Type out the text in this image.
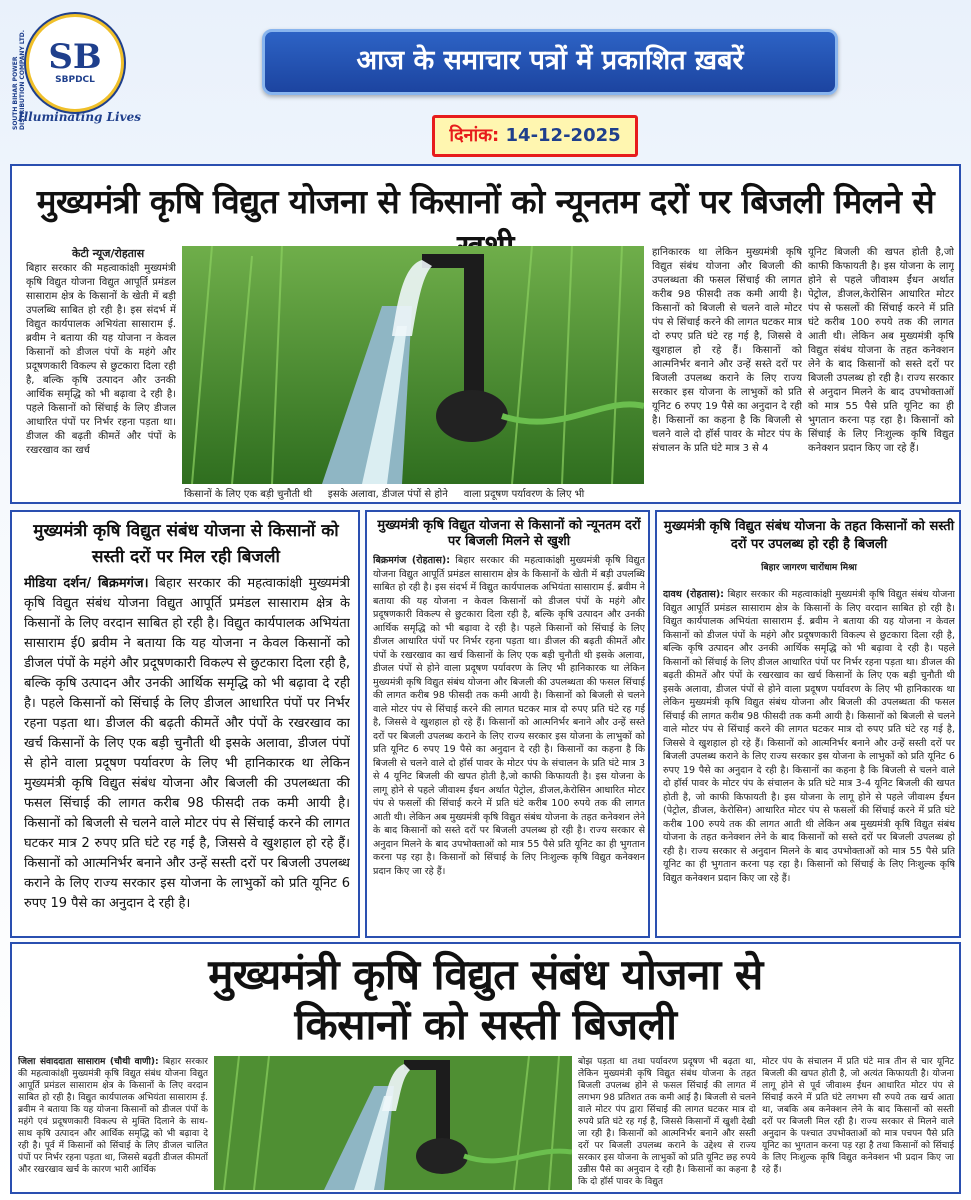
SB
SBPDCL
SOUTH BIHAR POWER DISTRIBUTION COMPANY LTD.
Illuminating Lives
आज के समाचार पत्रों में प्रकाशित ख़बरें
दिनांक: 14-12-2025
मुख्यमंत्री कृषि विद्युत योजना से किसानों को न्यूनतम दरों पर बिजली मिलने से
केटी न्यूज/रोहतास
बिहार सरकार की महत्वाकांक्षी मुख्यमंत्री कृषि विद्युत योजना विद्युत आपूर्ति प्रमंडल सासाराम क्षेत्र के किसानों के खेती में बड़ी उपलब्धि साबित हो रही है। इस संदर्भ में विद्युत कार्यपालक अभियंता सासाराम ई. ब्रवीम ने बताया की यह योजना न केवल किसानों को डीजल पंपों के महंगे और प्रदूषणकारी विकल्प से छुटकारा दिला रही है, बल्कि कृषि उत्पादन और उनकी आर्थिक समृद्धि को भी बढ़ावा दे रही है। पहले किसानों को सिंचाई के लिए डीजल आधारित पंपों पर निर्भर रहना पड़ता था। डीजल की बढ़ती कीमतें और पंपों के रखरखाव का खर्च
किसानों के लिए एक बड़ी चुनौती थी     इसके अलावा, डीजल पंपों से होने     वाला प्रदूषण पर्यावरण के लिए भी
हानिकारक था लेकिन मुख्यमंत्री कृषि विद्युत संबंध योजना और बिजली की उपलब्धता की फसल सिंचाई की लागत करीब 98 फीसदी तक कमी आयी है। किसानों को बिजली से चलने वाले मोटर पंप से सिंचाई करने की लागत घटकर मात्र दो रुपए प्रति घंटे रह गई है, जिससे वे खुशहाल हो रहे हैं। किसानों को आत्मनिर्भर बनाने और उन्हें सस्ते दरों पर बिजली उपलब्ध कराने के लिए राज्य सरकार इस योजना के लाभुकों को प्रति यूनिट 6 रुपए 19 पैसे का अनुदान दे रही है। किसानों का कहना है कि बिजली से चलने वाले दो हॉर्स पावर के मोटर पंप के संचालन के प्रति घंटे मात्र 3 से 4
यूनिट बिजली की खपत होती है,जो काफी किफायती है। इस योजना के लागू होने से पहले जीवाश्म ईंधन अर्थात पेट्रोल, डीजल,केरोसिन आधारित मोटर पंप से फसलों की सिंचाई करने में प्रति घंटे करीब 100 रुपये तक की लागत आती थी। लेकिन अब मुख्यमंत्री कृषि विद्युत संबंध योजना के तहत कनेक्शन लेने के बाद किसानों को सस्ते दरों पर बिजली उपलब्ध हो रही है। राज्य सरकार से अनुदान मिलने के बाद उपभोक्ताओं को मात्र 55 पैसे प्रति यूनिट का ही भुगतान करना पड़ रहा है। किसानों को सिंचाई के लिए निःशुल्क कृषि विद्युत कनेक्शन प्रदान किए जा रहे हैं।
मुख्यमंत्री कृषि विद्युत संबंध योजना से किसानों को सस्ती दरों पर मिल रही बिजली
मीडिया दर्शन/ बिक्रमगंज। बिहार सरकार की महत्वाकांक्षी मुख्यमंत्री कृषि विद्युत संबंध योजना विद्युत आपूर्ति प्रमंडल सासाराम क्षेत्र के किसानों के लिए वरदान साबित हो रही है। विद्युत कार्यपालक अभियंता सासाराम ई0 ब्रवीम ने बताया कि यह योजना न केवल किसानों को डीजल पंपों के महंगे और प्रदूषणकारी विकल्प से छुटकारा दिला रही है, बल्कि कृषि उत्पादन और उनकी आर्थिक समृद्धि को भी बढ़ावा दे रही है। पहले किसानों को सिंचाई के लिए डीजल आधारित पंपों पर निर्भर रहना पड़ता था। डीजल की बढ़ती कीमतें और पंपों के रखरखाव का खर्च किसानों के लिए एक बड़ी चुनौती थी इसके अलावा, डीजल पंपों से होने वाला प्रदूषण पर्यावरण के लिए भी हानिकारक था लेकिन मुख्यमंत्री कृषि विद्युत संबंध योजना और बिजली की उपलब्धता की फसल सिंचाई की लागत करीब 98 फीसदी तक कमी आयी है। किसानों को बिजली से चलने वाले मोटर पंप से सिंचाई करने की लागत घटकर मात्र 2 रुपए प्रति घंटे रह गई है, जिससे वे खुशहाल हो रहे हैं। किसानों को आत्मनिर्भर बनाने और उन्हें सस्ती दरों पर बिजली उपलब्ध कराने के लिए राज्य सरकार इस योजना के लाभुकों को प्रति यूनिट 6 रुपए 19 पैसे का अनुदान दे रही है।
मुख्यमंत्री कृषि विद्युत योजना से किसानों को न्यूनतम दरों पर बिजली मिलने से खुशी
बिक्रमगंज (रोहतास): बिहार सरकार की महत्वाकांक्षी मुख्यमंत्री कृषि विद्युत योजना विद्युत आपूर्ति प्रमंडल सासाराम क्षेत्र के किसानों के खेती में बड़ी उपलब्धि साबित हो रही है। इस संदर्भ में विद्युत कार्यपालक अभियंता सासाराम ई. ब्रवीम ने बताया की यह योजना न केवल किसानों को डीजल पंपों के महंगे और प्रदूषणकारी विकल्प से छुटकारा दिला रही है, बल्कि कृषि उत्पादन और उनकी आर्थिक समृद्धि को भी बढ़ावा दे रही है। पहले किसानों को सिंचाई के लिए डीजल आधारित पंपों पर निर्भर रहना पड़ता था। डीजल की बढ़ती कीमतें और पंपों के रखरखाव का खर्च किसानों के लिए एक बड़ी चुनौती थी इसके अलावा, डीजल पंपों से होने वाला प्रदूषण पर्यावरण के लिए भी हानिकारक था लेकिन मुख्यमंत्री कृषि विद्युत संबंध योजना और बिजली की उपलब्धता की फसल सिंचाई की लागत करीब 98 फीसदी तक कमी आयी है। किसानों को बिजली से चलने वाले मोटर पंप से सिंचाई करने की लागत घटकर मात्र दो रुपए प्रति घंटे रह गई है, जिससे वे खुशहाल हो रहे हैं। किसानों को आत्मनिर्भर बनाने और उन्हें सस्ते दरों पर बिजली उपलब्ध कराने के लिए राज्य सरकार इस योजना के लाभुकों को प्रति यूनिट 6 रुपए 19 पैसे का अनुदान दे रही है। किसानों का कहना है कि बिजली से चलने वाले दो हॉर्स पावर के मोटर पंप के संचालन के प्रति घंटे मात्र 3 से 4 यूनिट बिजली की खपत होती है,जो काफी किफायती है। इस योजना के लागू होने से पहले जीवाश्म ईंधन अर्थात पेट्रोल, डीजल,केरोसिन आधारित मोटर पंप से फसलों की सिंचाई करने में प्रति घंटे करीब 100 रुपये तक की लागत आती थी। लेकिन अब मुख्यमंत्री कृषि विद्युत संबंध योजना के तहत कनेक्शन लेने के बाद किसानों को सस्ते दरों पर बिजली उपलब्ध हो रही है। राज्य सरकार से अनुदान मिलने के बाद उपभोक्ताओं को मात्र 55 पैसे प्रति यूनिट का ही भुगतान करना पड़ रहा है। किसानों को सिंचाई के लिए निःशुल्क कृषि विद्युत कनेक्शन प्रदान किए जा रहे हैं।
मुख्यमंत्री कृषि विद्युत संबंध योजना के तहत किसानों को सस्ती दरों पर उपलब्ध हो रही है बिजली
बिहार जागरण चारोंधाम मिश्रा
दावथ (रोहतास): बिहार सरकार की महत्वाकांक्षी मुख्यमंत्री कृषि विद्युत संबंध योजना विद्युत आपूर्ति प्रमंडल सासाराम क्षेत्र के किसानों के लिए वरदान साबित हो रही है। विद्युत कार्यपालक अभियंता सासाराम ई. ब्रवीम ने बताया की यह योजना न केवल किसानों को डीजल पंपों के महंगे और प्रदूषणकारी विकल्प से छुटकारा दिला रही है, बल्कि कृषि उत्पादन और उनकी आर्थिक समृद्धि को भी बढ़ावा दे रही है। पहले किसानों को सिंचाई के लिए डीजल आधारित पंपों पर निर्भर रहना पड़ता था। डीजल की बढ़ती कीमतें और पंपों के रखरखाव का खर्च किसानों के लिए एक बड़ी चुनौती थी इसके अलावा, डीजल पंपों से होने वाला प्रदूषण पर्यावरण के लिए भी हानिकारक था लेकिन मुख्यमंत्री कृषि विद्युत संबंध योजना और बिजली की उपलब्धता की फसल सिंचाई की लागत करीब 98 फीसदी तक कमी आयी है। किसानों को बिजली से चलने वाले मोटर पंप से सिंचाई करने की लागत घटकर मात्र दो रुपए प्रति घंटे रह गई है, जिससे वे खुशहाल हो रहे हैं। किसानों को आत्मनिर्भर बनाने और उन्हें सस्ती दरों पर बिजली उपलब्ध कराने के लिए राज्य सरकार इस योजना के लाभुकों को प्रति यूनिट 6 रुपए 19 पैसे का अनुदान दे रही है। किसानों का कहना है कि बिजली से चलने वाले दो हॉर्स पावर के मोटर पंप के संचालन के प्रति घंटे मात्र 3-4 यूनिट बिजली की खपत होती है, जो काफी किफायती है। इस योजना के लागू होने से पहले जीवाश्म ईंधन (पेट्रोल, डीजल, केरोसिन) आधारित मोटर पंप से फसलों की सिंचाई करने में प्रति घंटे करीब 100 रुपये तक की लागत आती थी लेकिन अब मुख्यमंत्री कृषि विद्युत संबंध योजना के तहत कनेक्शन लेने के बाद किसानों को सस्ते दरों पर बिजली उपलब्ध हो रही है। राज्य सरकार से अनुदान मिलने के बाद उपभोक्ताओं को मात्र 55 पैसे प्रति यूनिट का ही भुगतान करना पड़ रहा है। किसानों को सिंचाई के लिए निःशुल्क कृषि विद्युत कनेक्शन प्रदान किए जा रहे हैं।
मुख्यमंत्री कृषि विद्युत संबंध योजना से
किसानों को सस्ती बिजली
जिला संवाददाता सासाराम (चौथी वाणी): बिहार सरकार की महत्वाकांक्षी मुख्यमंत्री कृषि विद्युत संबंध योजना विद्युत आपूर्ति प्रमंडल सासाराम क्षेत्र के किसानों के लिए वरदान साबित हो रही है। विद्युत कार्यपालक अभियंता सासाराम ई. ब्रवीम ने बताया कि यह योजना किसानों को डीजल पंपों के महंगे एवं प्रदूषणकारी विकल्प से मुक्ति दिलाने के साथ-साथ कृषि उत्पादन और आर्थिक समृद्धि को भी बढ़ावा दे रही है। पूर्व में किसानों को सिंचाई के लिए डीजल चालित पंपों पर निर्भर रहना पड़ता था, जिससे बढ़ती डीजल कीमतों और रखरखाव खर्च के कारण भारी आर्थिक
बोझ पड़ता था तथा पर्यावरण प्रदूषण भी बढ़ता था, लेकिन मुख्यमंत्री कृषि विद्युत संबंध योजना के तहत बिजली उपलब्ध होने से फसल सिंचाई की लागत में लगभग 98 प्रतिशत तक कमी आई है। बिजली से चलने वाले मोटर पंप द्वारा सिंचाई की लागत घटकर मात्र दो रुपये प्रति घंटे रह गई है, जिससे किसानों में खुशी देखी जा रही है। किसानों को आत्मनिर्भर बनाने और सस्ती दरों पर बिजली उपलब्ध कराने के उद्देश्य से राज्य सरकार इस योजना के लाभुकों को प्रति यूनिट छह रुपये उन्नीस पैसे का अनुदान दे रही है। किसानों का कहना है कि दो हॉर्स पावर के विद्युत
मोटर पंप के संचालन में प्रति घंटे मात्र तीन से चार यूनिट बिजली की खपत होती है, जो अत्यंत किफायती है। योजना लागू होने से पूर्व जीवाश्म ईंधन आधारित मोटर पंप से सिंचाई करने में प्रति घंटे लगभग सौ रुपये तक खर्च आता था, जबकि अब कनेक्शन लेने के बाद किसानों को सस्ती दरों पर बिजली मिल रही है। राज्य सरकार से मिलने वाले अनुदान के पश्चात उपभोक्ताओं को मात्र पचपन पैसे प्रति यूनिट का भुगतान करना पड़ रहा है तथा किसानों को सिंचाई के लिए निःशुल्क कृषि विद्युत कनेक्शन भी प्रदान किए जा रहे हैं।
